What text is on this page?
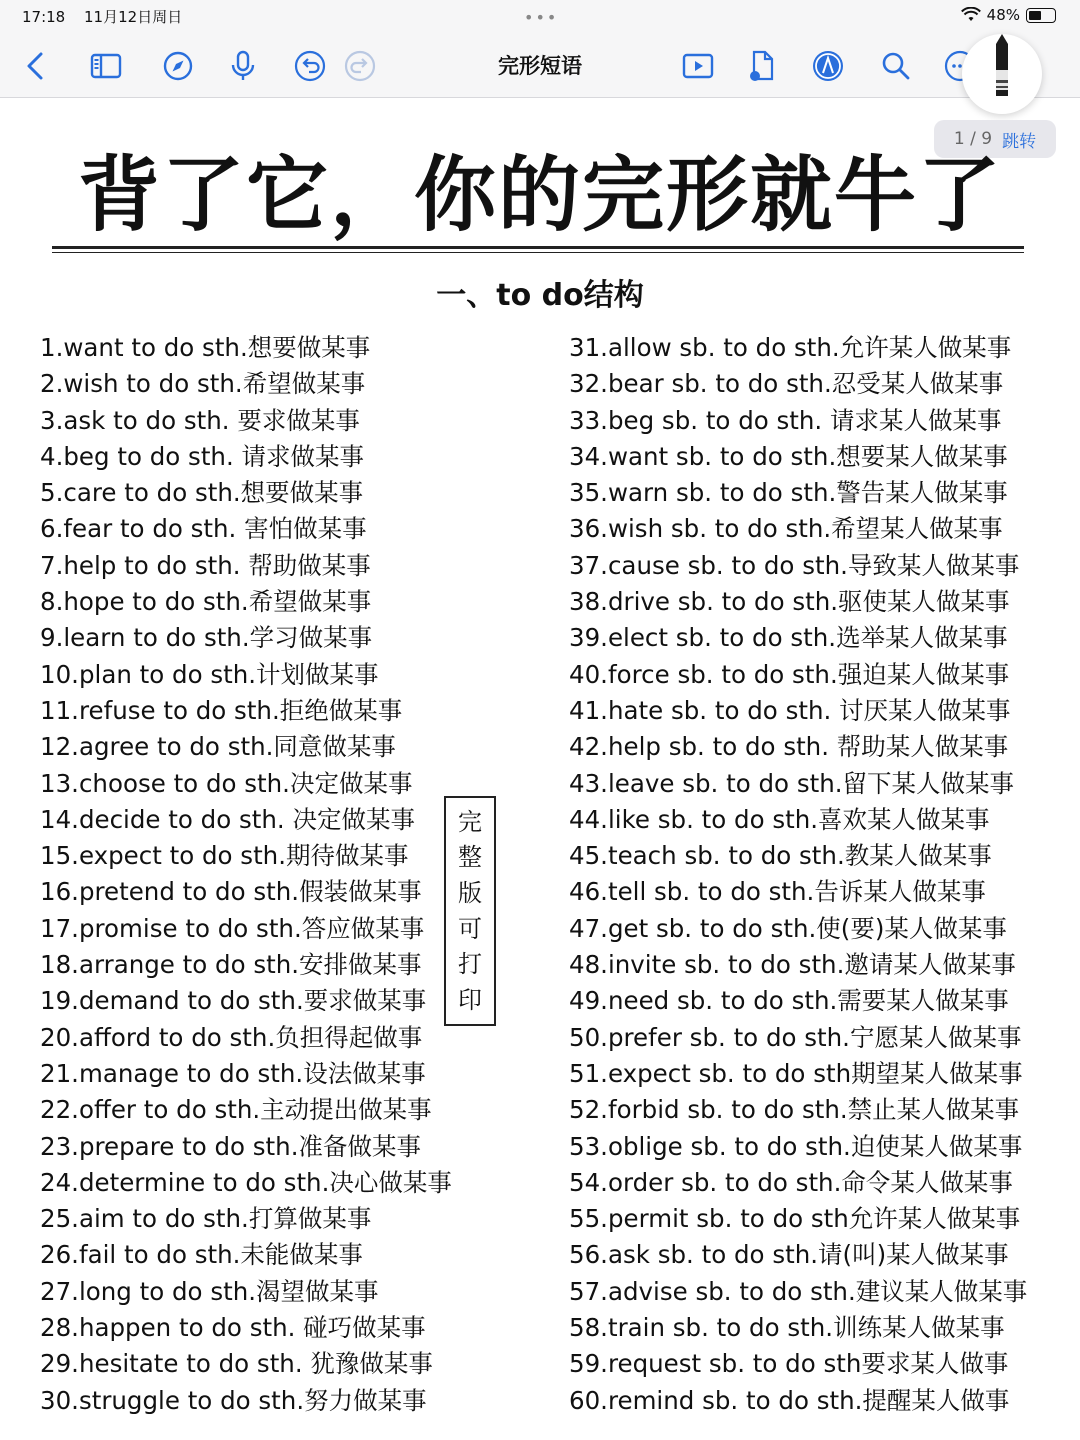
17:18 11月12日周日	•••	48%
完形短语
1 / 9 跳转
背了它，你的完形就牛了
一、to do结构
1.want to do sth.想要做某事
2.wish to do sth.希望做某事
3.ask to do sth. 要求做某事
4.beg to do sth. 请求做某事
5.care to do sth.想要做某事
6.fear to do sth. 害怕做某事
7.help to do sth. 帮助做某事
8.hope to do sth.希望做某事
9.learn to do sth.学习做某事
10.plan to do sth.计划做某事
11.refuse to do sth.拒绝做某事
12.agree to do sth.同意做某事
13.choose to do sth.决定做某事
14.decide to do sth. 决定做某事
15.expect to do sth.期待做某事
16.pretend to do sth.假装做某事
17.promise to do sth.答应做某事
18.arrange to do sth.安排做某事
19.demand to do sth.要求做某事
20.afford to do sth.负担得起做事
21.manage to do sth.设法做某事
22.offer to do sth.主动提出做某事
23.prepare to do sth.准备做某事
24.determine to do sth.决心做某事
25.aim to do sth.打算做某事
26.fail to do sth.未能做某事
27.long to do sth.渴望做某事
28.happen to do sth. 碰巧做某事
29.hesitate to do sth. 犹豫做某事
30.struggle to do sth.努力做某事
31.allow sb. to do sth.允许某人做某事
32.bear sb. to do sth.忍受某人做某事
33.beg sb. to do sth. 请求某人做某事
34.want sb. to do sth.想要某人做某事
35.warn sb. to do sth.警告某人做某事
36.wish sb. to do sth.希望某人做某事
37.cause sb. to do sth.导致某人做某事
38.drive sb. to do sth.驱使某人做某事
39.elect sb. to do sth.选举某人做某事
40.force sb. to do sth.强迫某人做某事
41.hate sb. to do sth. 讨厌某人做某事
42.help sb. to do sth. 帮助某人做某事
43.leave sb. to do sth.留下某人做某事
44.like sb. to do sth.喜欢某人做某事
45.teach sb. to do sth.教某人做某事
46.tell sb. to do sth.告诉某人做某事
47.get sb. to do sth.使(要)某人做某事
48.invite sb. to do sth.邀请某人做某事
49.need sb. to do sth.需要某人做某事
50.prefer sb. to do sth.宁愿某人做某事
51.expect sb. to do sth期望某人做某事
52.forbid sb. to do sth.禁止某人做某事
53.oblige sb. to do sth.迫使某人做某事
54.order sb. to do sth.命令某人做某事
55.permit sb. to do sth允许某人做某事
56.ask sb. to do sth.请(叫)某人做某事
57.advise sb. to do sth.建议某人做某事
58.train sb. to do sth.训练某人做某事
59.request sb. to do sth要求某人做事
60.remind sb. to do sth.提醒某人做事
完
整
版
可
打
印
